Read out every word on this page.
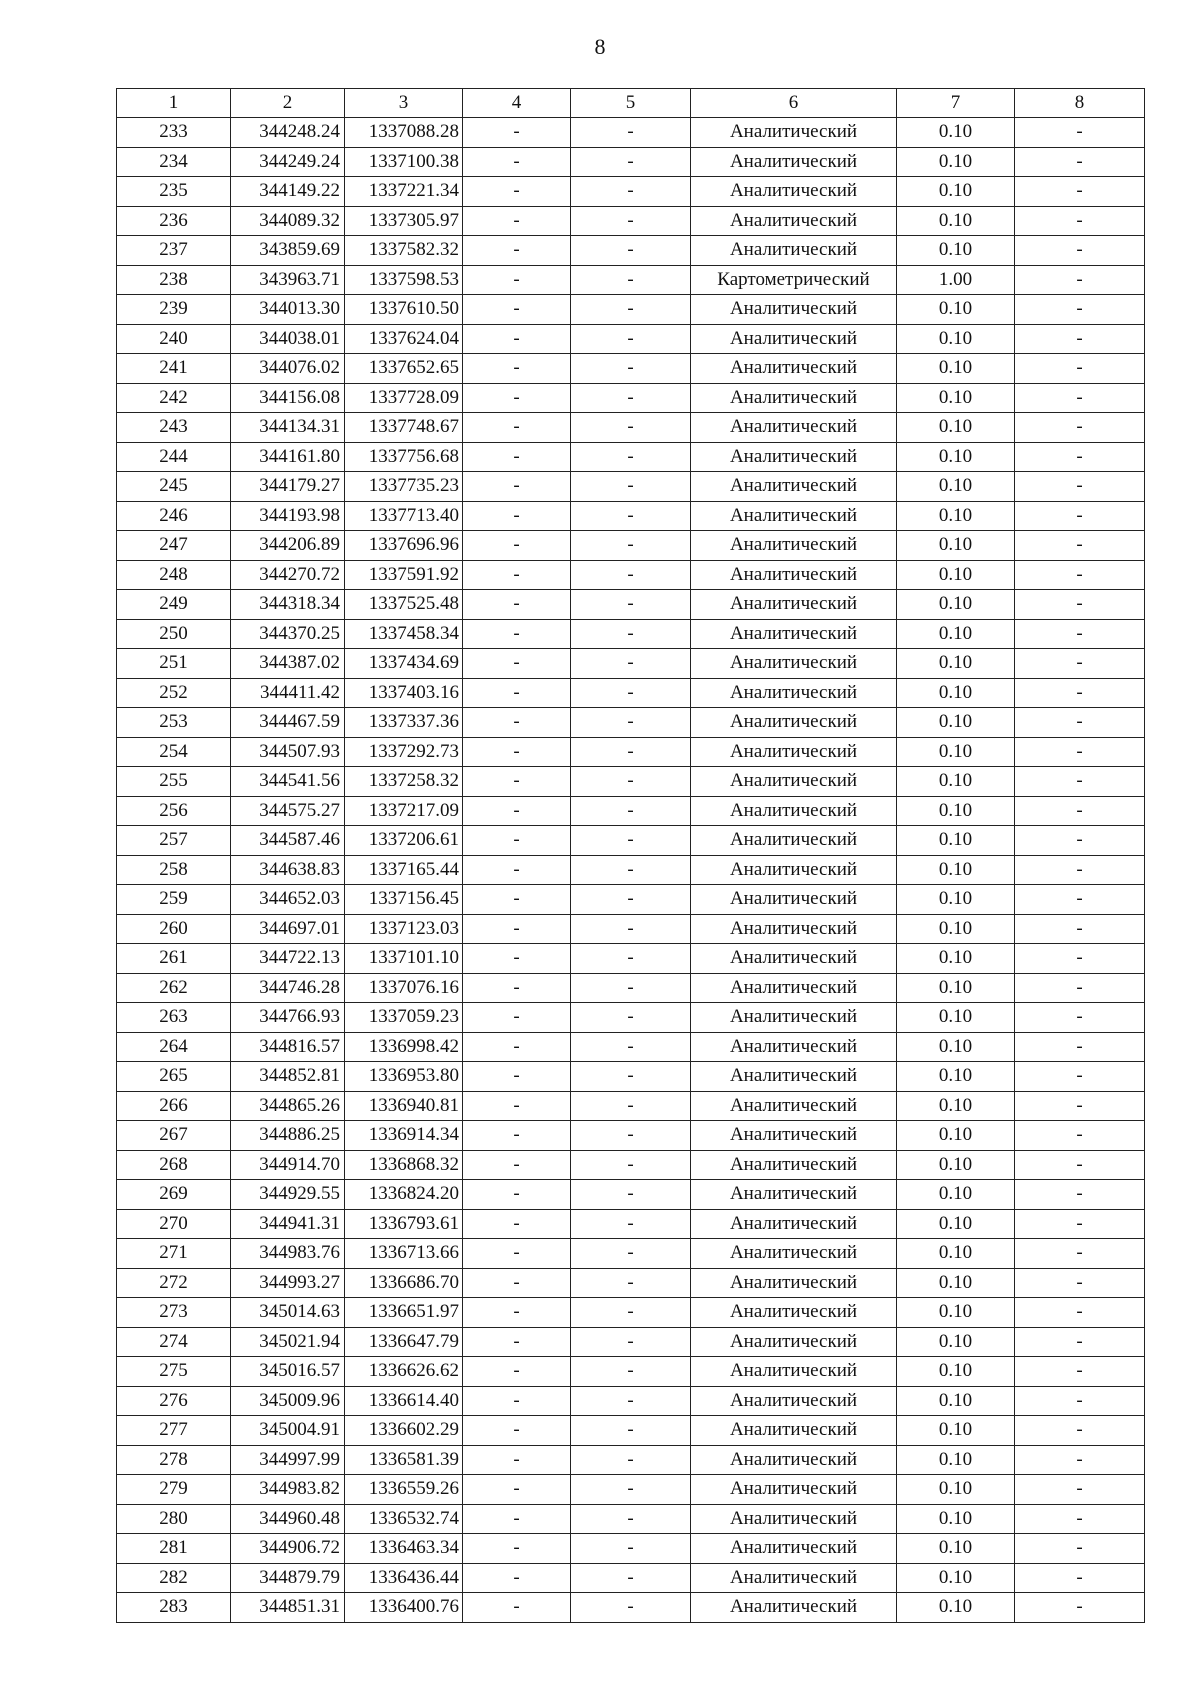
8
1	2	3	4	5	6	7	8
233	344248.24	1337088.28	-	-	Аналитический	0.10	-
234	344249.24	1337100.38	-	-	Аналитический	0.10	-
235	344149.22	1337221.34	-	-	Аналитический	0.10	-
236	344089.32	1337305.97	-	-	Аналитический	0.10	-
237	343859.69	1337582.32	-	-	Аналитический	0.10	-
238	343963.71	1337598.53	-	-	Картометрический	1.00	-
239	344013.30	1337610.50	-	-	Аналитический	0.10	-
240	344038.01	1337624.04	-	-	Аналитический	0.10	-
241	344076.02	1337652.65	-	-	Аналитический	0.10	-
242	344156.08	1337728.09	-	-	Аналитический	0.10	-
243	344134.31	1337748.67	-	-	Аналитический	0.10	-
244	344161.80	1337756.68	-	-	Аналитический	0.10	-
245	344179.27	1337735.23	-	-	Аналитический	0.10	-
246	344193.98	1337713.40	-	-	Аналитический	0.10	-
247	344206.89	1337696.96	-	-	Аналитический	0.10	-
248	344270.72	1337591.92	-	-	Аналитический	0.10	-
249	344318.34	1337525.48	-	-	Аналитический	0.10	-
250	344370.25	1337458.34	-	-	Аналитический	0.10	-
251	344387.02	1337434.69	-	-	Аналитический	0.10	-
252	344411.42	1337403.16	-	-	Аналитический	0.10	-
253	344467.59	1337337.36	-	-	Аналитический	0.10	-
254	344507.93	1337292.73	-	-	Аналитический	0.10	-
255	344541.56	1337258.32	-	-	Аналитический	0.10	-
256	344575.27	1337217.09	-	-	Аналитический	0.10	-
257	344587.46	1337206.61	-	-	Аналитический	0.10	-
258	344638.83	1337165.44	-	-	Аналитический	0.10	-
259	344652.03	1337156.45	-	-	Аналитический	0.10	-
260	344697.01	1337123.03	-	-	Аналитический	0.10	-
261	344722.13	1337101.10	-	-	Аналитический	0.10	-
262	344746.28	1337076.16	-	-	Аналитический	0.10	-
263	344766.93	1337059.23	-	-	Аналитический	0.10	-
264	344816.57	1336998.42	-	-	Аналитический	0.10	-
265	344852.81	1336953.80	-	-	Аналитический	0.10	-
266	344865.26	1336940.81	-	-	Аналитический	0.10	-
267	344886.25	1336914.34	-	-	Аналитический	0.10	-
268	344914.70	1336868.32	-	-	Аналитический	0.10	-
269	344929.55	1336824.20	-	-	Аналитический	0.10	-
270	344941.31	1336793.61	-	-	Аналитический	0.10	-
271	344983.76	1336713.66	-	-	Аналитический	0.10	-
272	344993.27	1336686.70	-	-	Аналитический	0.10	-
273	345014.63	1336651.97	-	-	Аналитический	0.10	-
274	345021.94	1336647.79	-	-	Аналитический	0.10	-
275	345016.57	1336626.62	-	-	Аналитический	0.10	-
276	345009.96	1336614.40	-	-	Аналитический	0.10	-
277	345004.91	1336602.29	-	-	Аналитический	0.10	-
278	344997.99	1336581.39	-	-	Аналитический	0.10	-
279	344983.82	1336559.26	-	-	Аналитический	0.10	-
280	344960.48	1336532.74	-	-	Аналитический	0.10	-
281	344906.72	1336463.34	-	-	Аналитический	0.10	-
282	344879.79	1336436.44	-	-	Аналитический	0.10	-
283	344851.31	1336400.76	-	-	Аналитический	0.10	-
